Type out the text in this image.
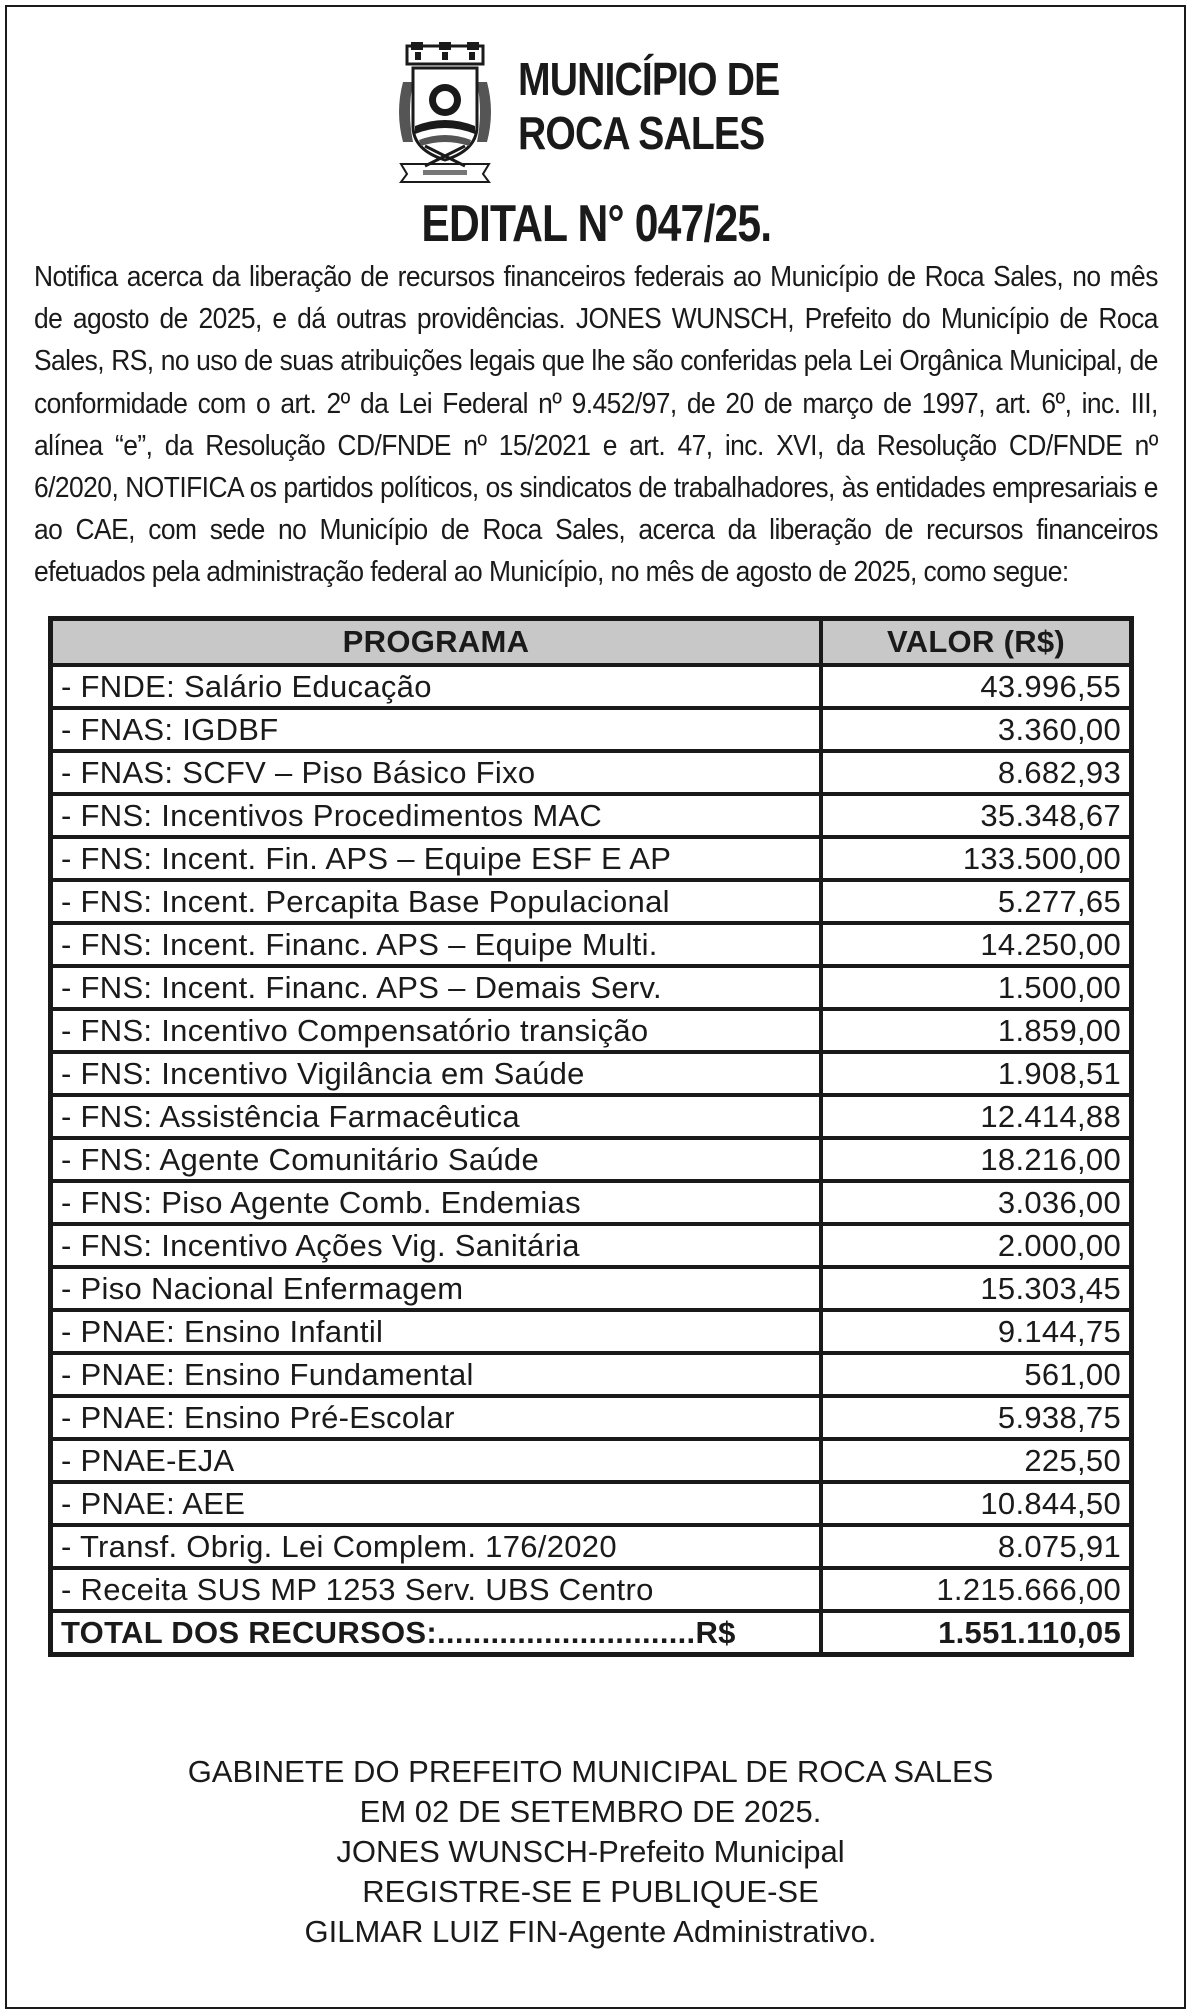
MUNICÍPIO DE
ROCA SALES
EDITAL N° 047/25.
Notifica acerca da liberação de recursos financeiros federais ao Município de Roca Sales, no mês de agosto de 2025, e dá outras providências. JONES WUNSCH, Prefeito do Município de Roca Sales, RS, no uso de suas atribuições legais que lhe são conferidas pela Lei Orgânica Municipal, de conformidade com o art. 2º da Lei Federal nº 9.452/97, de 20 de março de 1997, art. 6º, inc. III, alínea “e”, da Resolução CD/FNDE nº 15/2021 e art. 47, inc. XVI, da Resolução CD/FNDE nº 6/2020, NOTIFICA os partidos políticos, os sindicatos de trabalhadores, às entidades empresariais e ao CAE, com sede no Município de Roca Sales, acerca da liberação de recursos financeiros efetuados pela administração federal ao Município, no mês de agosto de 2025, como segue:
PROGRAMA	VALOR (R$)
- FNDE: Salário Educação	43.996,55
- FNAS: IGDBF	3.360,00
- FNAS: SCFV – Piso Básico Fixo	8.682,93
- FNS: Incentivos Procedimentos MAC	35.348,67
- FNS: Incent. Fin. APS – Equipe ESF E AP	133.500,00
- FNS: Incent. Percapita Base Populacional	5.277,65
- FNS: Incent. Financ. APS – Equipe Multi.	14.250,00
- FNS: Incent. Financ. APS – Demais Serv.	1.500,00
- FNS: Incentivo Compensatório transição	1.859,00
- FNS: Incentivo Vigilância em Saúde	1.908,51
- FNS: Assistência Farmacêutica	12.414,88
- FNS: Agente Comunitário Saúde	18.216,00
- FNS: Piso Agente Comb. Endemias	3.036,00
- FNS: Incentivo Ações Vig. Sanitária	2.000,00
- Piso Nacional Enfermagem	15.303,45
- PNAE: Ensino Infantil	9.144,75
- PNAE: Ensino Fundamental	561,00
- PNAE: Ensino Pré-Escolar	5.938,75
- PNAE-EJA	225,50
- PNAE: AEE	10.844,50
- Transf. Obrig. Lei Complem. 176/2020	8.075,91
- Receita SUS MP 1253 Serv. UBS Centro	1.215.666,00
TOTAL DOS RECURSOS:.............................R$	1.551.110,05
GABINETE DO PREFEITO MUNICIPAL DE ROCA SALES
EM 02 DE SETEMBRO DE 2025.
JONES WUNSCH-Prefeito Municipal
REGISTRE-SE E PUBLIQUE-SE
GILMAR LUIZ FIN-Agente Administrativo.
